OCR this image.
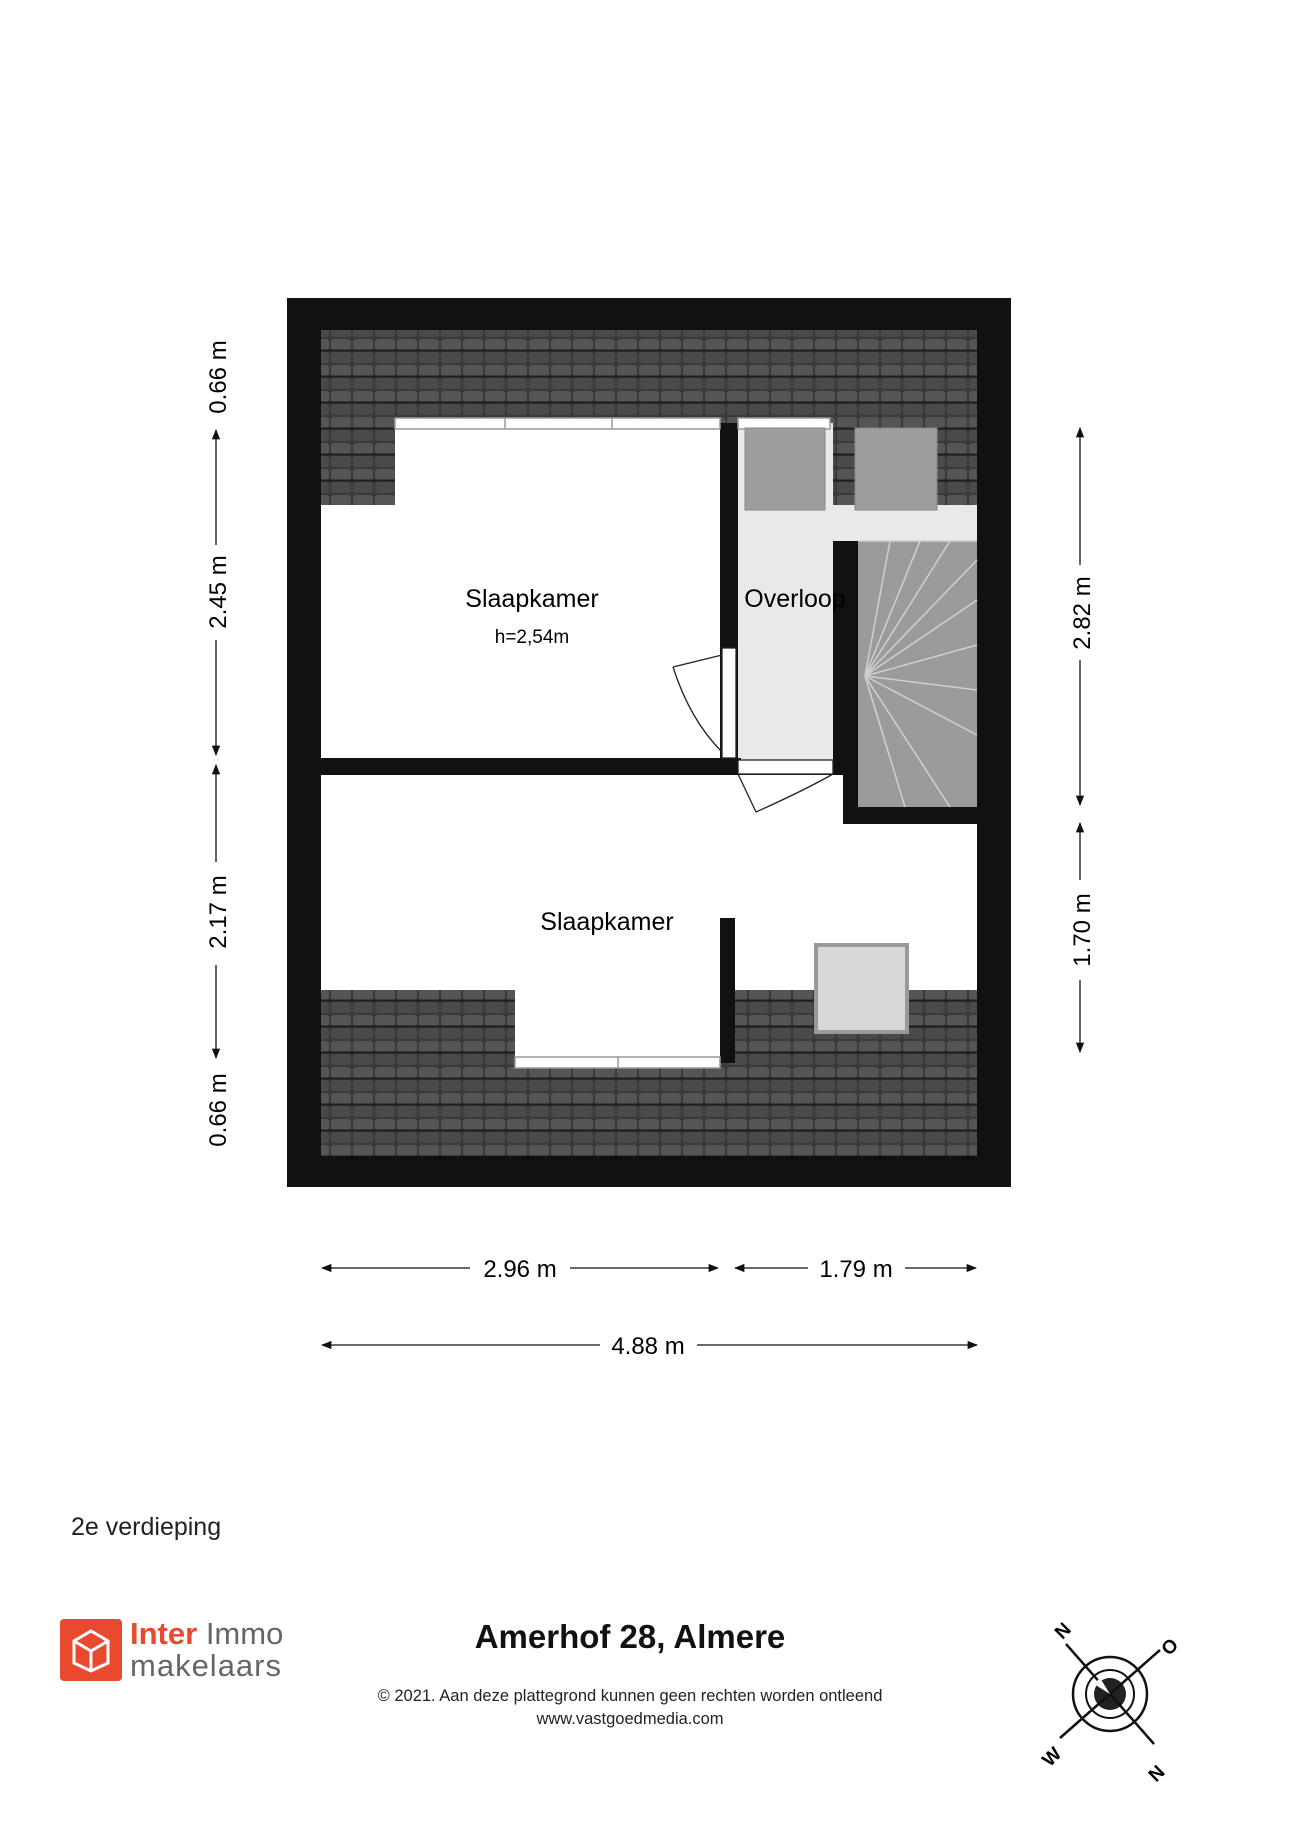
Slaapkamer
h=2,54m
Overloop
Slaapkamer
0.66 m
2.45 m
2.17 m
0.66 m
2.82 m
1.70 m
2.96 m	1.79 m
4.88 m
N
O
W
N
2e verdieping
Inter Immo
makelaars
Amerhof 28, Almere
© 2021. Aan deze plattegrond kunnen geen rechten worden ontleend
www.vastgoedmedia.com
